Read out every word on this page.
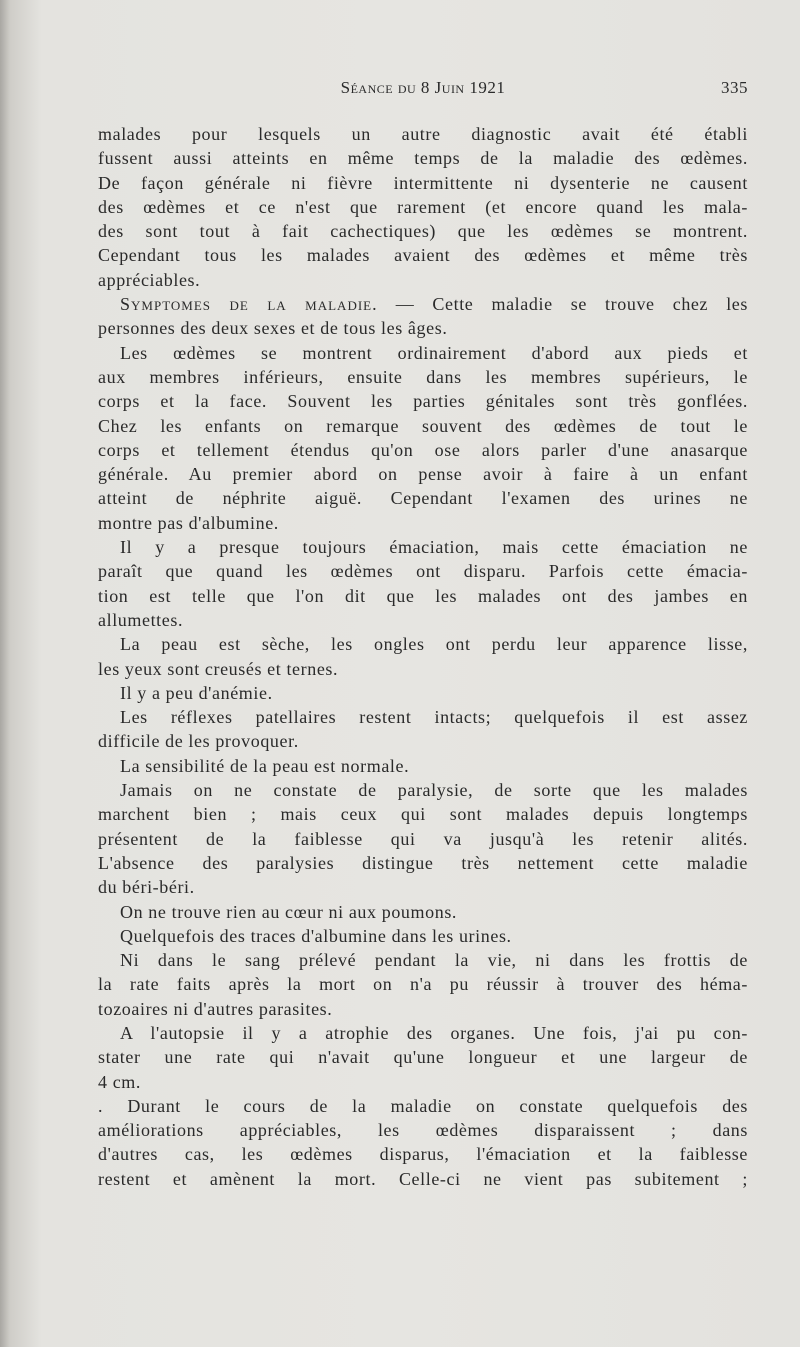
Séance du 8 Juin 1921	335
malades pour lesquels un autre diagnostic avait été établi
fussent aussi atteints en même temps de la maladie des œdèmes.
De façon générale ni fièvre intermittente ni dysenterie ne causent
des œdèmes et ce n'est que rarement (et encore quand les mala-
des sont tout à fait cachectiques) que les œdèmes se montrent.
Cependant tous les malades avaient des œdèmes et même très
appréciables.
Symptomes de la maladie. — Cette maladie se trouve chez les
personnes des deux sexes et de tous les âges.
Les œdèmes se montrent ordinairement d'abord aux pieds et
aux membres inférieurs, ensuite dans les membres supérieurs, le
corps et la face. Souvent les parties génitales sont très gonflées.
Chez les enfants on remarque souvent des œdèmes de tout le
corps et tellement étendus qu'on ose alors parler d'une anasarque
générale. Au premier abord on pense avoir à faire à un enfant
atteint de néphrite aiguë. Cependant l'examen des urines ne
montre pas d'albumine.
Il y a presque toujours émaciation, mais cette émaciation ne
paraît que quand les œdèmes ont disparu. Parfois cette émacia-
tion est telle que l'on dit que les malades ont des jambes en
allumettes.
La peau est sèche, les ongles ont perdu leur apparence lisse,
les yeux sont creusés et ternes.
Il y a peu d'anémie.
Les réflexes patellaires restent intacts; quelquefois il est assez
difficile de les provoquer.
La sensibilité de la peau est normale.
Jamais on ne constate de paralysie, de sorte que les malades
marchent bien ; mais ceux qui sont malades depuis longtemps
présentent de la faiblesse qui va jusqu'à les retenir alités.
L'absence des paralysies distingue très nettement cette maladie
du béri-béri.
On ne trouve rien au cœur ni aux poumons.
Quelquefois des traces d'albumine dans les urines.
Ni dans le sang prélevé pendant la vie, ni dans les frottis de
la rate faits après la mort on n'a pu réussir à trouver des héma-
tozoaires ni d'autres parasites.
A l'autopsie il y a atrophie des organes. Une fois, j'ai pu con-
stater une rate qui n'avait qu'une longueur et une largeur de
4 cm.
. Durant le cours de la maladie on constate quelquefois des
améliorations appréciables, les œdèmes disparaissent ; dans
d'autres cas, les œdèmes disparus, l'émaciation et la faiblesse
restent et amènent la mort. Celle-ci ne vient pas subitement ;
